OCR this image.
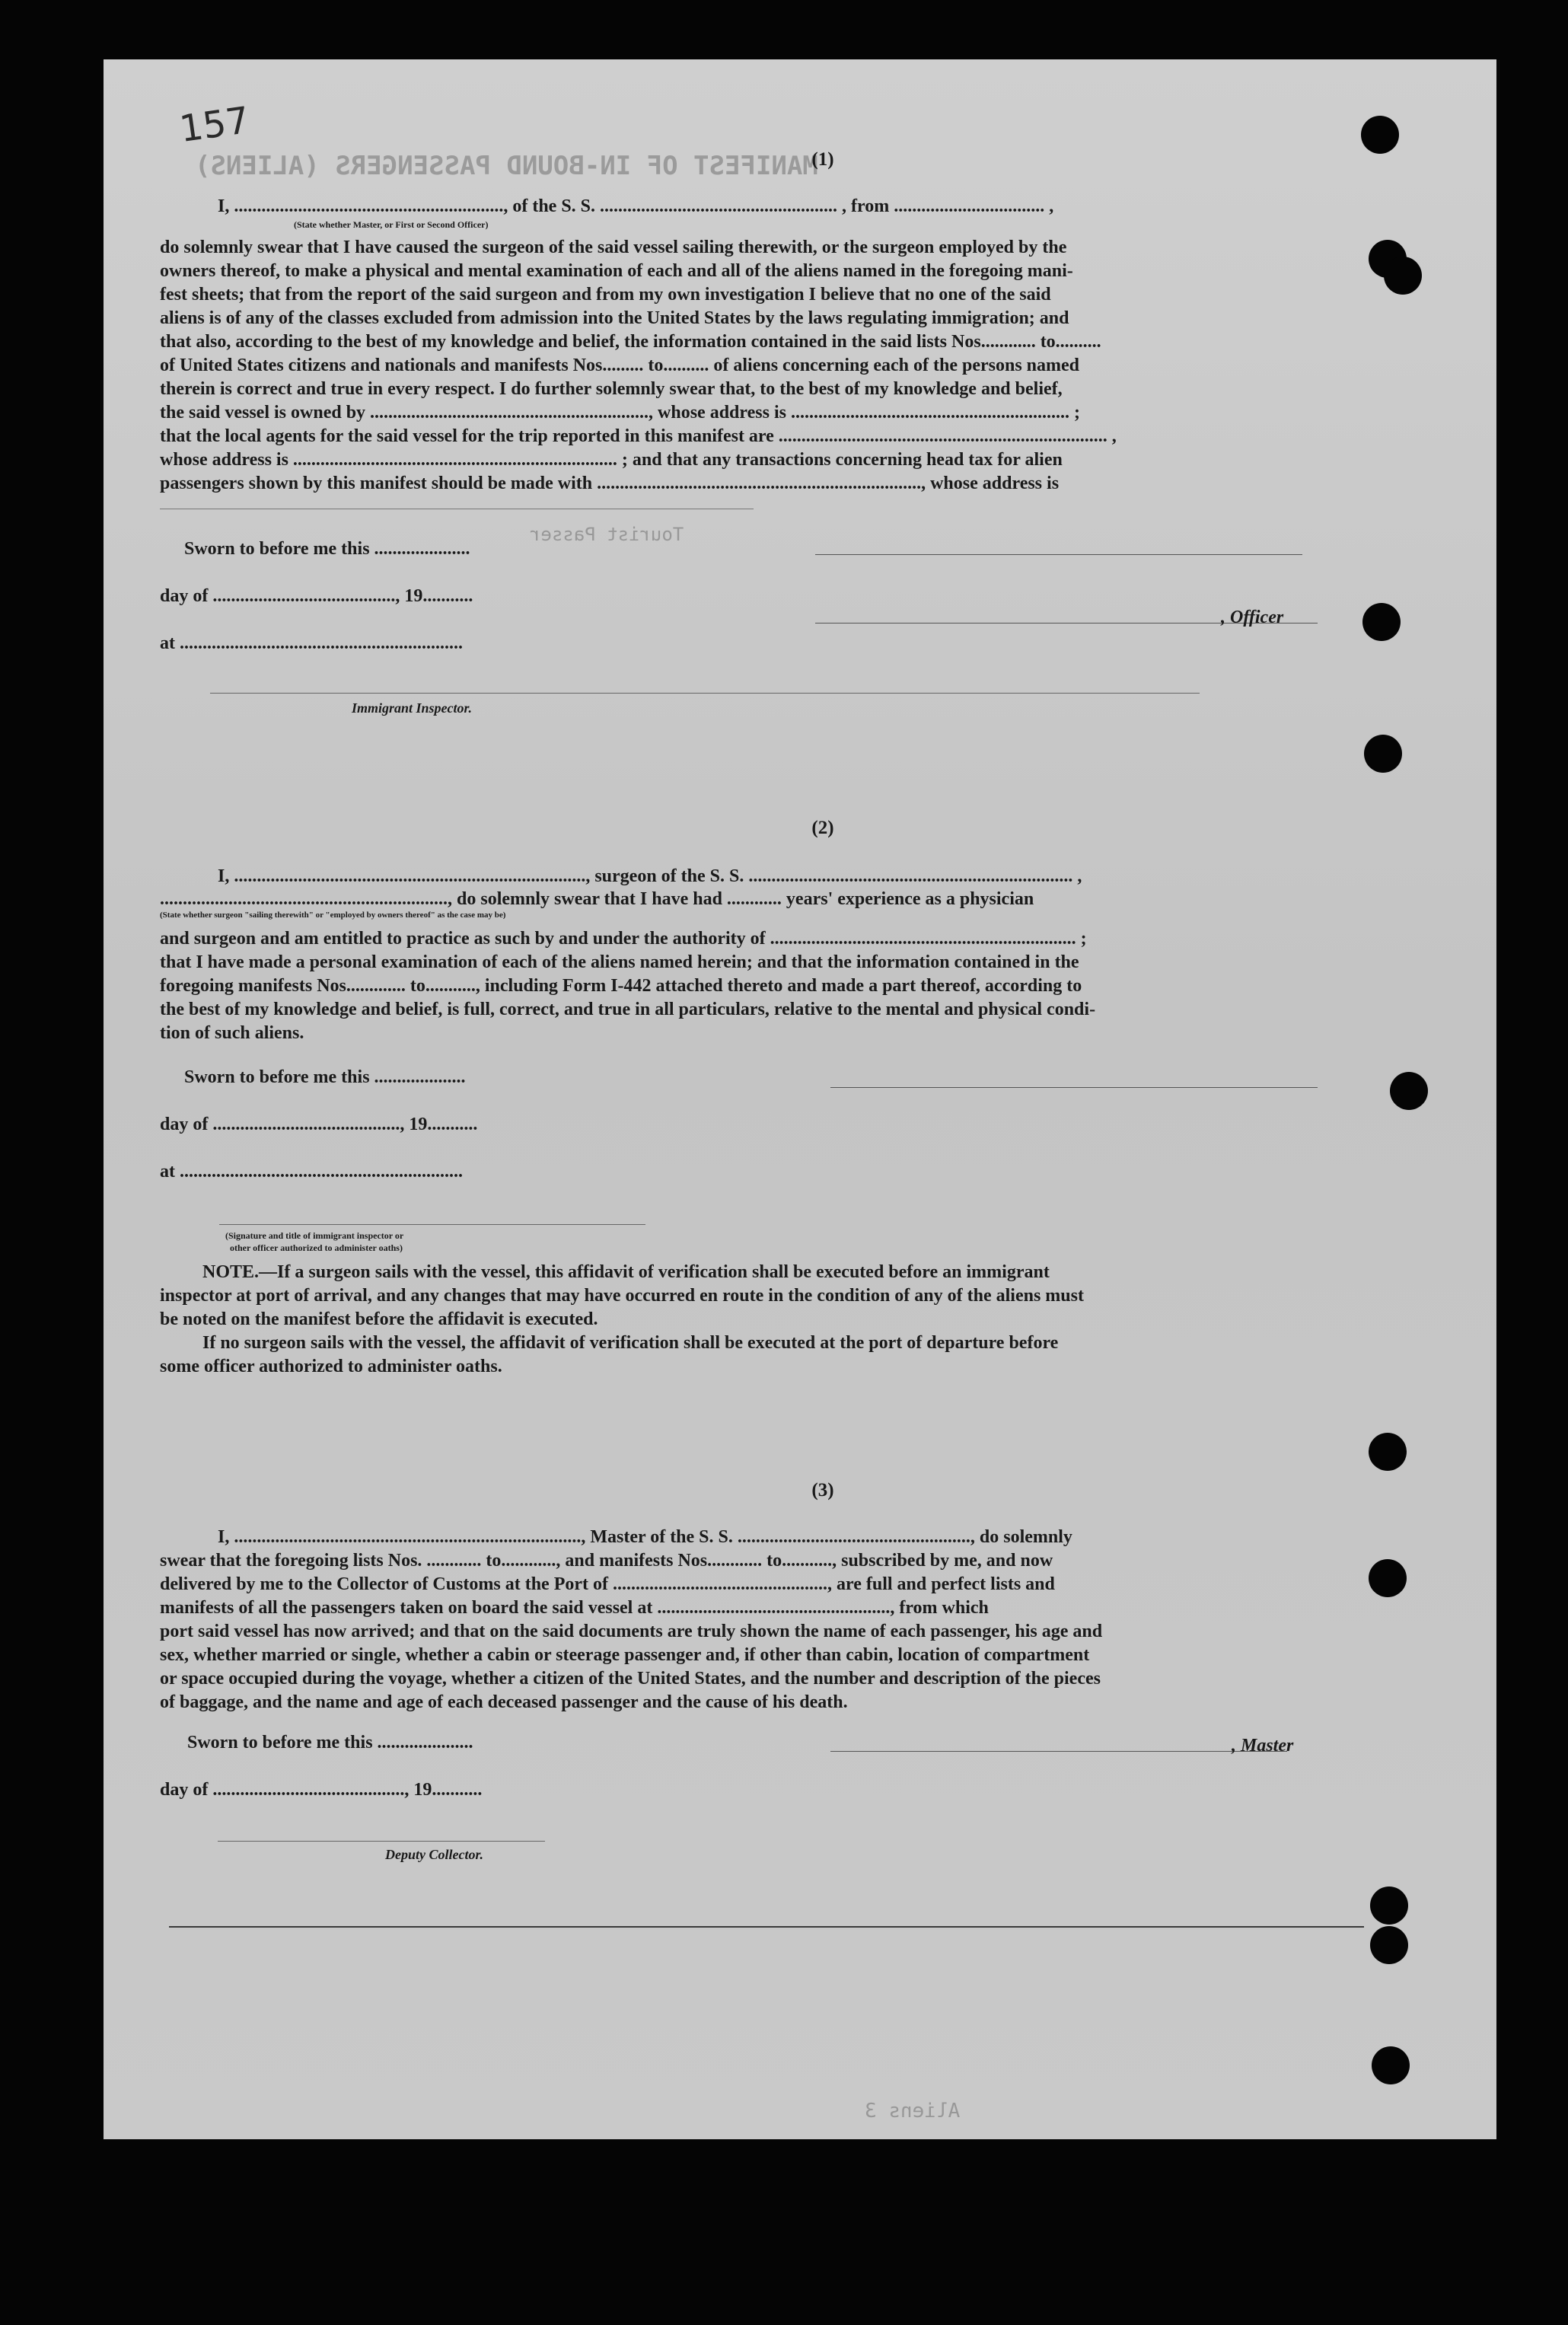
MANIFEST OF IN-BOUND PASSENGERS (ALIENS)
Tourist Passer
Aliens 3
157
(1)
I, ..........................................................., of the S. S. .................................................... , from ................................. ,
(State whether Master, or First or Second Officer)
do solemnly swear that I have caused the surgeon of the said vessel sailing therewith, or the surgeon employed by the
owners thereof, to make a physical and mental examination of each and all of the aliens named in the foregoing mani-
fest sheets; that from the report of the said surgeon and from my own investigation I believe that no one of the said
aliens is of any of the classes excluded from admission into the United States by the laws regulating immigration; and
that also, according to the best of my knowledge and belief, the information contained in the said lists Nos............ to..........
of United States citizens and nationals and manifests Nos......... to.......... of aliens concerning each of the persons named
therein is correct and true in every respect. I do further solemnly swear that, to the best of my knowledge and belief,
the said vessel is owned by ............................................................., whose address is ............................................................. ;
that the local agents for the said vessel for the trip reported in this manifest are ........................................................................ ,
whose address is ....................................................................... ; and that any transactions concerning head tax for alien
passengers shown by this manifest should be made with ......................................................................., whose address is
Sworn to before me this .....................
day of ........................................, 19...........
at ..............................................................
, Officer
Immigrant Inspector.
(2)
I, ............................................................................., surgeon of the S. S. ....................................................................... ,
..............................................................., do solemnly swear that I have had ............ years' experience as a physician
(State whether surgeon "sailing therewith" or "employed by owners thereof" as the case may be)
and surgeon and am entitled to practice as such by and under the authority of ................................................................... ;
that I have made a personal examination of each of the aliens named herein; and that the information contained in the
foregoing manifests Nos............. to..........., including Form I-442 attached thereto and made a part thereof, according to
the best of my knowledge and belief, is full, correct, and true in all particulars, relative to the mental and physical condi-
tion of such aliens.
Sworn to before me this ....................
day of ........................................., 19...........
at ..............................................................
(Signature and title of immigrant inspector or
other officer authorized to administer oaths)
NOTE.—If a surgeon sails with the vessel, this affidavit of verification shall be executed before an immigrant
inspector at port of arrival, and any changes that may have occurred en route in the condition of any of the aliens must
be noted on the manifest before the affidavit is executed.
If no surgeon sails with the vessel, the affidavit of verification shall be executed at the port of departure before
some officer authorized to administer oaths.
(3)
I, ............................................................................, Master of the S. S. ..................................................., do solemnly
swear that the foregoing lists Nos. ............ to............, and manifests Nos............ to..........., subscribed by me, and now
delivered by me to the Collector of Customs at the Port of ..............................................., are full and perfect lists and
manifests of all the passengers taken on board the said vessel at ..................................................., from which
port said vessel has now arrived; and that on the said documents are truly shown the name of each passenger, his age and
sex, whether married or single, whether a cabin or steerage passenger and, if other than cabin, location of compartment
or space occupied during the voyage, whether a citizen of the United States, and the number and description of the pieces
of baggage, and the name and age of each deceased passenger and the cause of his death.
Sworn to before me this .....................
day of .........................................., 19...........
, Master
Deputy Collector.
